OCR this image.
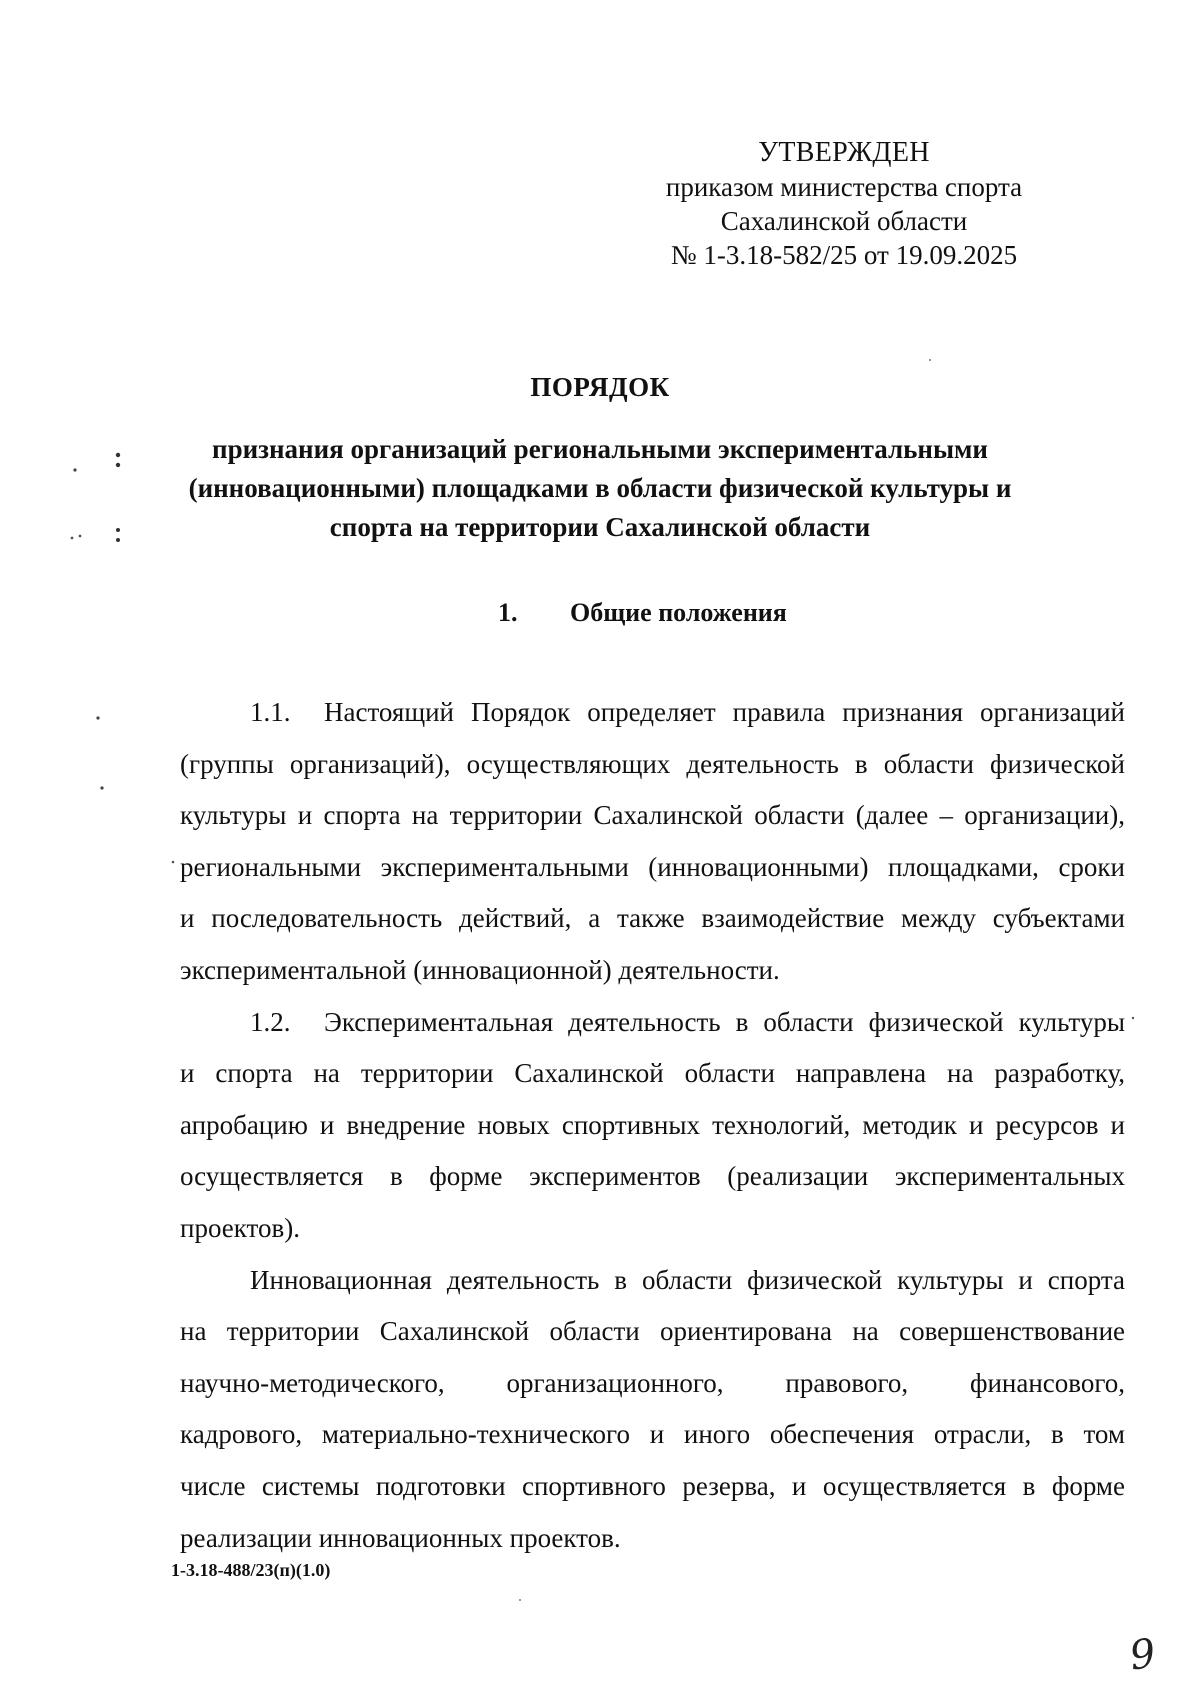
УТВЕРЖДЕН
приказом министерства спорта
Сахалинской области
№ 1-3.18-582/25 от 19.09.2025
ПОРЯДОК
признания организаций региональными экспериментальными
(инновационными) площадками в области физической культуры и
спорта на территории Сахалинской области
1. Общие положения
1.1. Настоящий Порядок определяет правила признания организаций
(группы организаций), осуществляющих деятельность в области физической
культуры и спорта на территории Сахалинской области (далее – организации),
региональными экспериментальными (инновационными) площадками, сроки
и последовательность действий, а также взаимодействие между субъектами
экспериментальной (инновационной) деятельности.
1.2. Экспериментальная деятельность в области физической культуры
и спорта на территории Сахалинской области направлена на разработку,
апробацию и внедрение новых спортивных технологий, методик и ресурсов и
осуществляется в форме экспериментов (реализации экспериментальных
проектов).
Инновационная деятельность в области физической культуры и спорта
на территории Сахалинской области ориентирована на совершенствование
научно-методического, организационного, правового, финансового,
кадрового, материально-технического и иного обеспечения отрасли, в том
числе системы подготовки спортивного резерва, и осуществляется в форме
реализации инновационных проектов.
1-3.18-488/23(п)(1.0)
9
